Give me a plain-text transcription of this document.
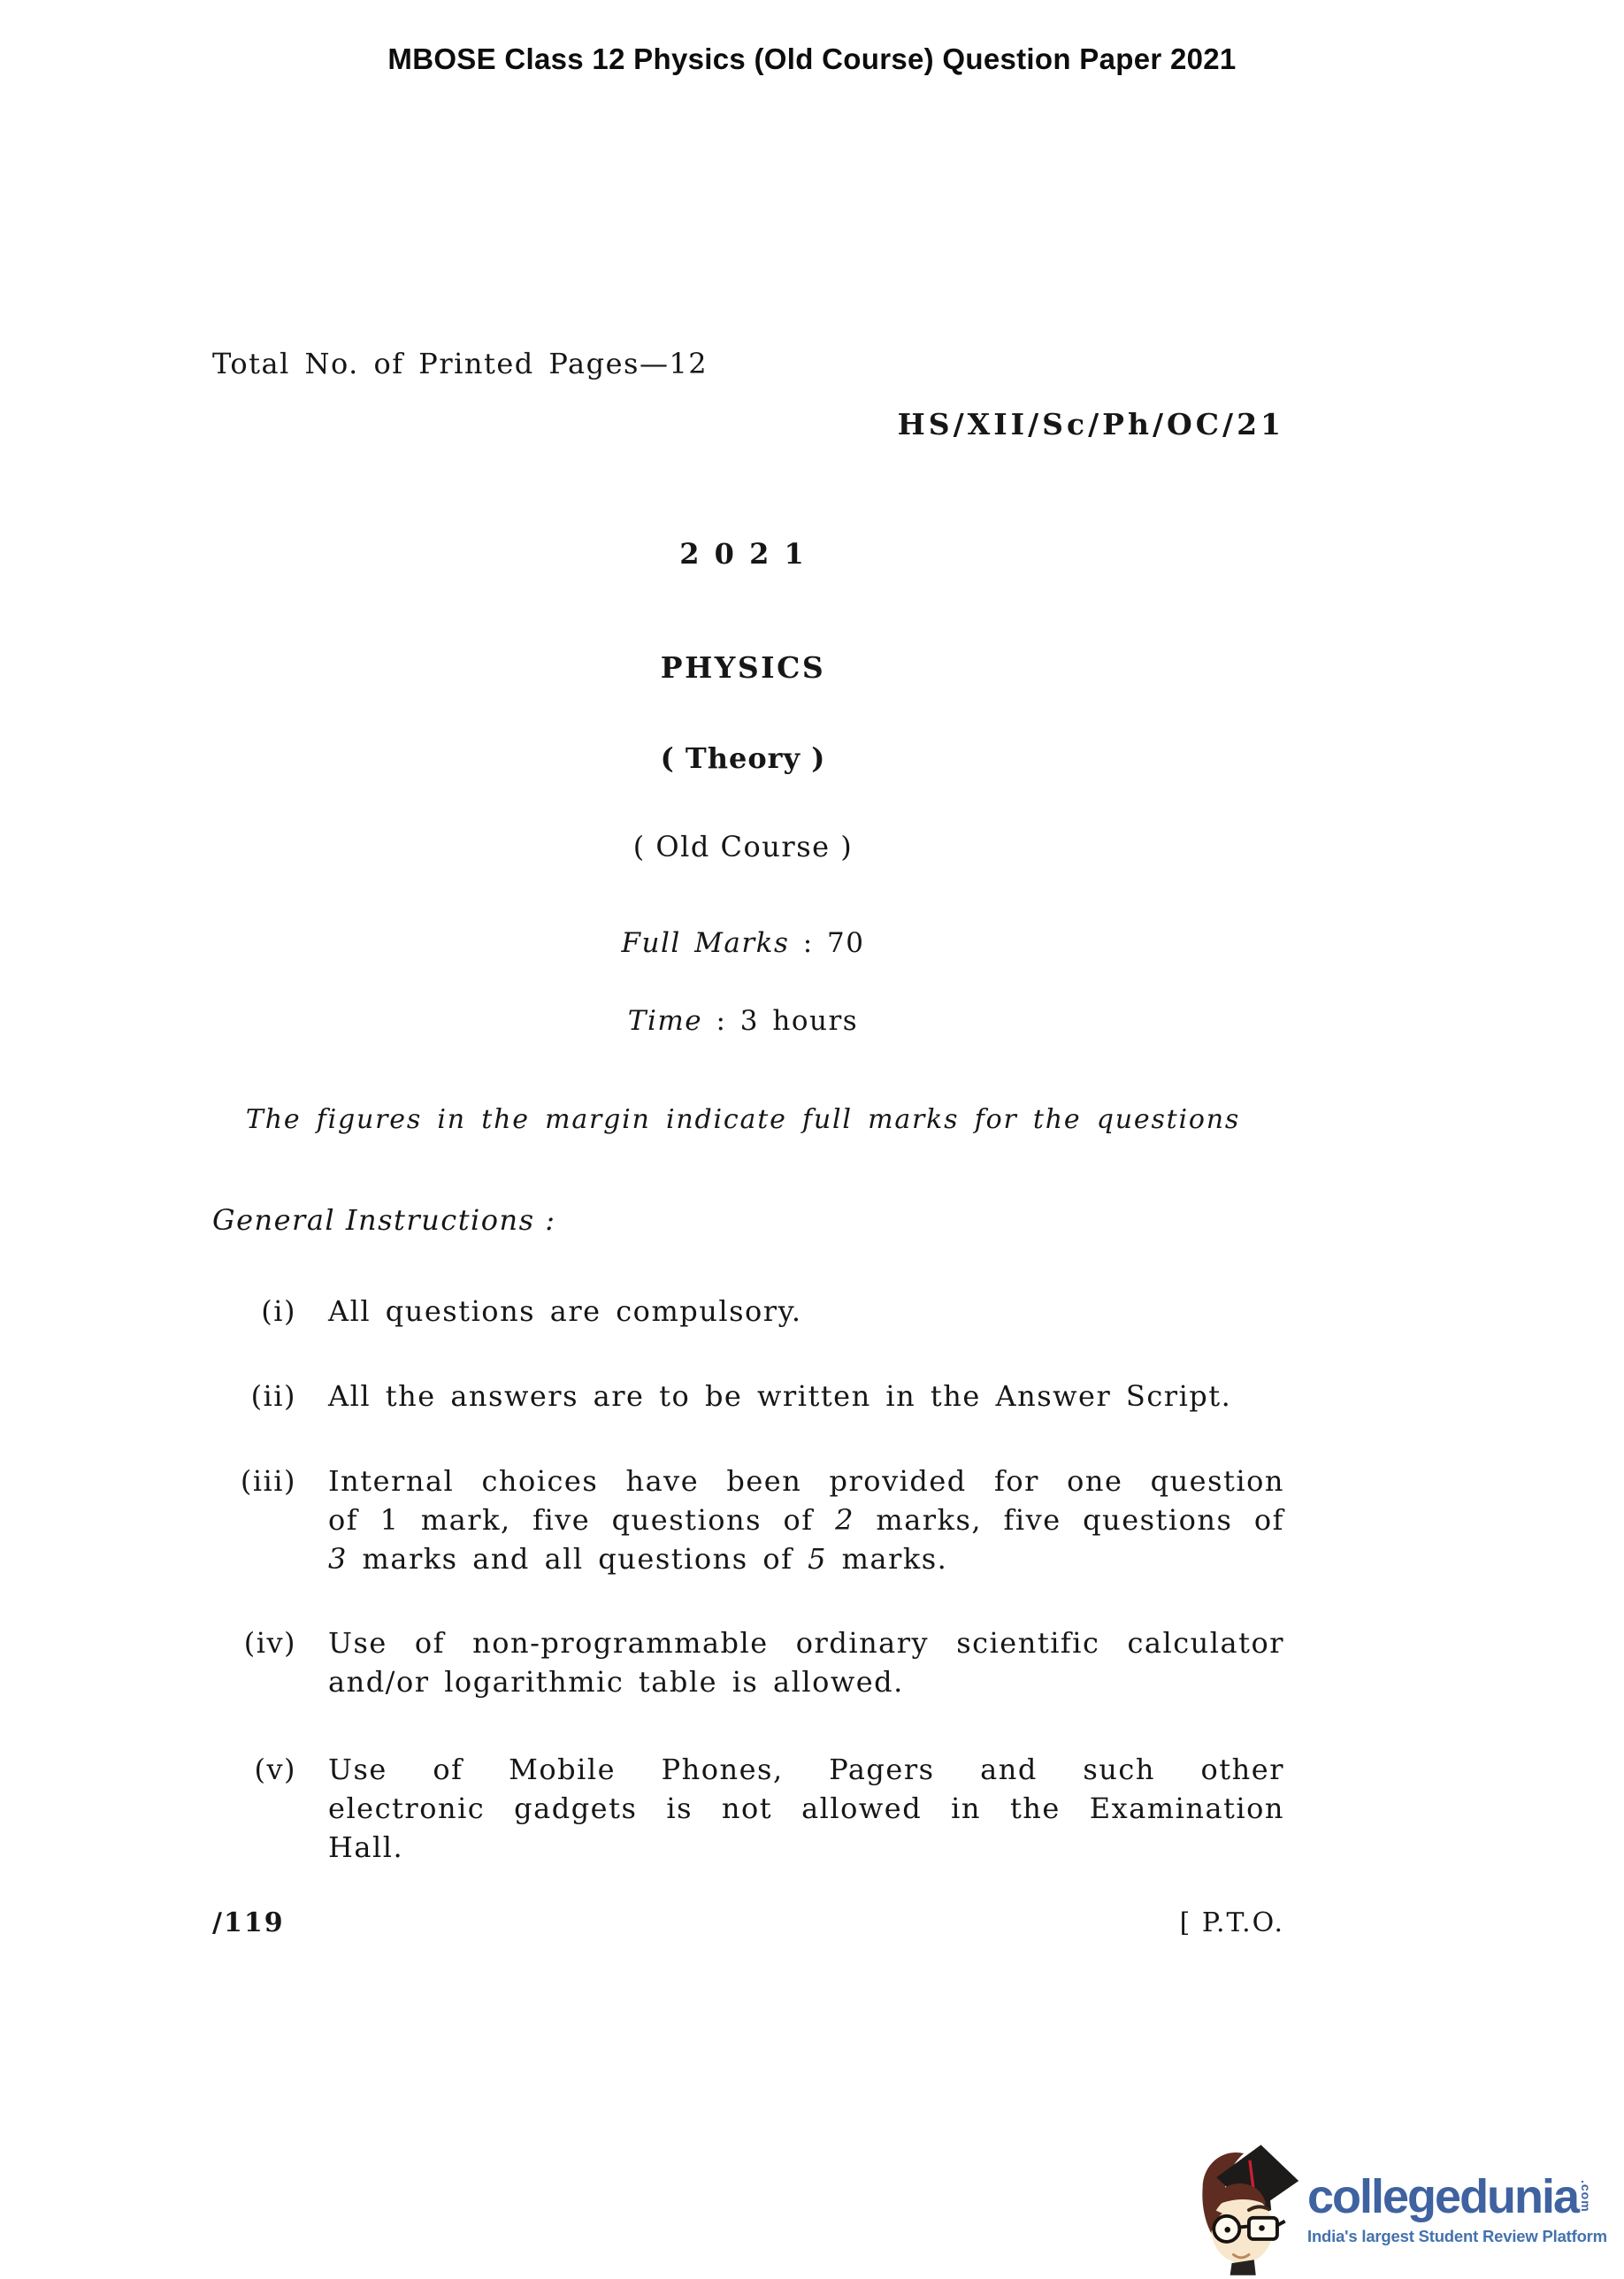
MBOSE Class 12 Physics (Old Course) Question Paper 2021
Total No. of Printed Pages—12
HS/XII/Sc/Ph/OC/21
2 0 2 1
PHYSICS
( Theory )
( Old Course )
Full Marks : 70
Time : 3 hours
The figures in the margin indicate full marks for the questions
General Instructions :
(i) All questions are compulsory.
(ii) All the answers are to be written in the Answer Script.
(iii) Internal choices have been provided for one question
of 1 mark, five questions of 2 marks, five questions of
3 marks and all questions of 5 marks.
(iv) Use of non-programmable ordinary scientific calculator
and/or logarithmic table is allowed.
(v) Use of Mobile Phones, Pagers and such other
electronic gadgets is not allowed in the Examination
Hall.
/119	[ P.T.O.
collegedunia .com
India's largest Student Review Platform
